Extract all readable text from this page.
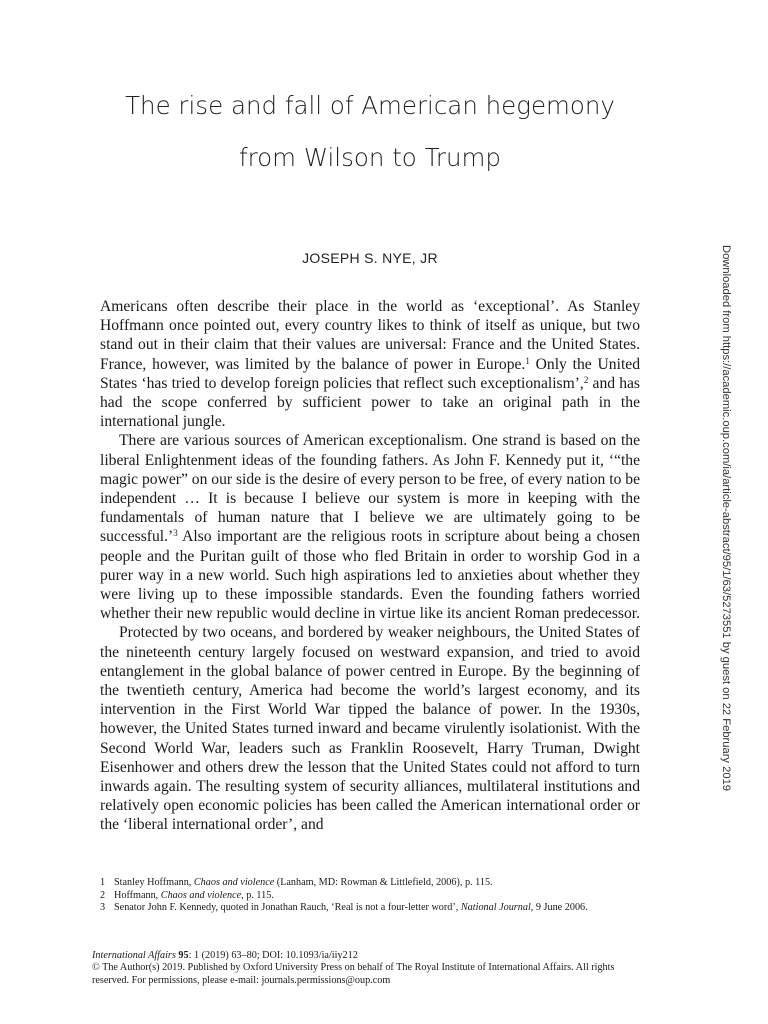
The rise and fall of American hegemony
from Wilson to Trump
JOSEPH S. NYE, JR

Americans often describe their place in the world as ‘exceptional’. As Stanley Hoffmann once pointed out, every country likes to think of itself as unique, but two stand out in their claim that their values are universal: France and the United States. France, however, was limited by the balance of power in Europe.$^1$ Only the United States ‘has tried to develop foreign policies that reflect such exceptionalism’,$^2$ and has had the scope conferred by sufficient power to take an original path in the international jungle.

There are various sources of American exceptionalism. One strand is based on the liberal Enlightenment ideas of the founding fathers. As John F. Kennedy put it, ‘“the magic power” on our side is the desire of every person to be free, of every nation to be independent … It is because I believe our system is more in keeping with the fundamentals of human nature that I believe we are ultimately going to be successful.’$^3$ Also important are the religious roots in scripture about being a chosen people and the Puritan guilt of those who fled Britain in order to worship God in a purer way in a new world. Such high aspirations led to anxieties about whether they were living up to these impossible standards. Even the founding fathers worried whether their new republic would decline in virtue like its ancient Roman predecessor.

Protected by two oceans, and bordered by weaker neighbours, the United States of the nineteenth century largely focused on westward expansion, and tried to avoid entanglement in the global balance of power centred in Europe. By the beginning of the twentieth century, America had become the world’s largest economy, and its intervention in the First World War tipped the balance of power. In the 1930s, however, the United States turned inward and became virulently isolationist. With the Second World War, leaders such as Franklin Roosevelt, Harry Truman, Dwight Eisenhower and others drew the lesson that the United States could not afford to turn inwards again. The resulting system of security alliances, multilateral institutions and relatively open economic policies has been called the American international order or the ‘liberal international order’, and

1 Stanley Hoffmann, Chaos and violence (Lanham, MD: Rowman & Littlefield, 2006), p. 115.
2 Hoffmann, Chaos and violence, p. 115.
3 Senator John F. Kennedy, quoted in Jonathan Rauch, ‘Real is not a four-letter word’, National Journal, 9 June 2006.

International Affairs 95: 1 (2019) 63–80; DOI: 10.1093/ia/iiy212

© The Author(s) 2019. Published by Oxford University Press on behalf of The Royal Institute of International Affairs. All rights reserved. For permissions, please e-mail: journals.permissions@oup.com

Downloaded from https://academic.oup.com/ia/article-abstract/95/1/63/5273551 by guest on 22 February 2019
